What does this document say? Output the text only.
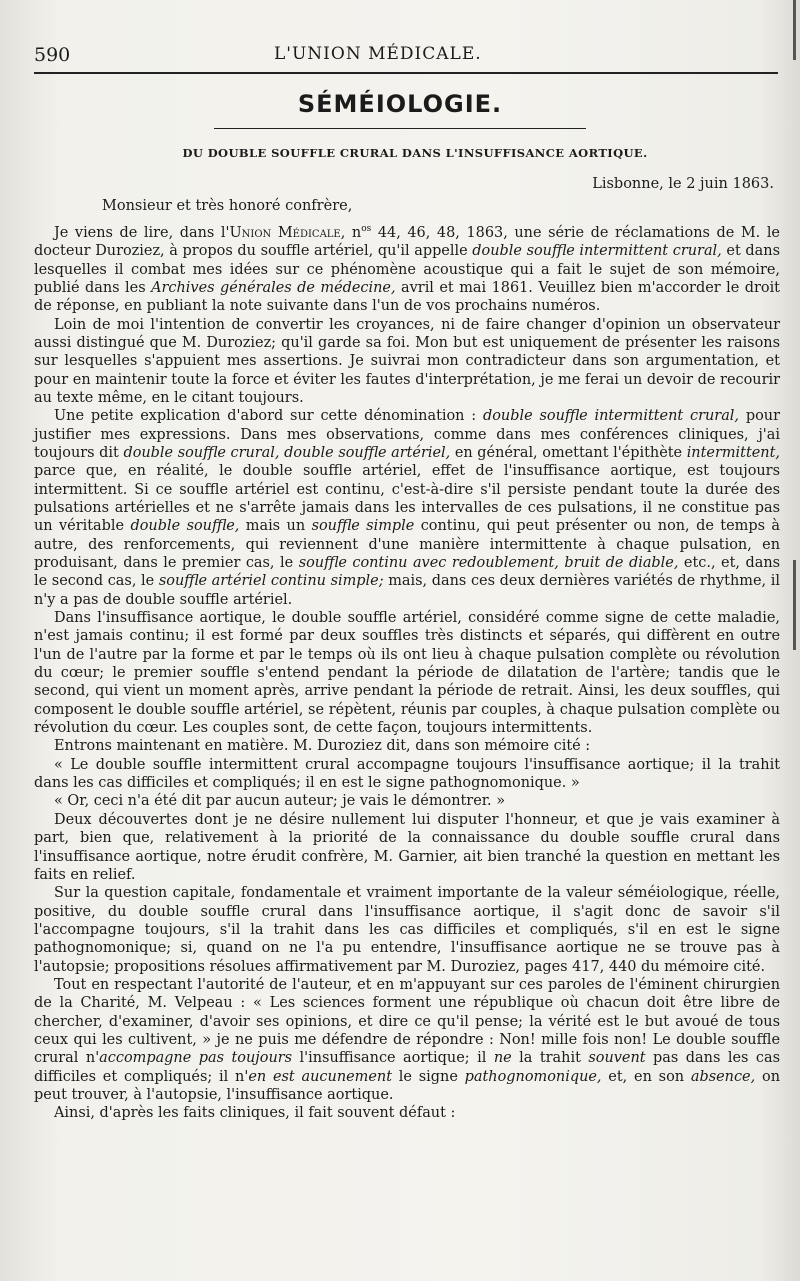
590	L'UNION MÉDICALE.
SÉMÉIOLOGIE.
DU DOUBLE SOUFFLE CRURAL DANS L'INSUFFISANCE AORTIQUE.
Lisbonne, le 2 juin 1863.
Monsieur et très honoré confrère,

Je viens de lire, dans l'Union Médicale, $n^{os}$ 44, 46, 48, 1863, une série de réclamations de M. le docteur Duroziez, à propos du souffle artériel, qu'il appelle double souffle intermittent crural, et dans lesquelles il combat mes idées sur ce phénomène acoustique qui a fait le sujet de son mémoire, publié dans les Archives générales de médecine, avril et mai 1861. Veuillez bien m'accorder le droit de réponse, en publiant la note suivante dans l'un de vos prochains numéros.

Loin de moi l'intention de convertir les croyances, ni de faire changer d'opinion un observateur aussi distingué que M. Duroziez; qu'il garde sa foi. Mon but est uniquement de présenter les raisons sur lesquelles s'appuient mes assertions. Je suivrai mon contradicteur dans son argumentation, et pour en maintenir toute la force et éviter les fautes d'interprétation, je me ferai un devoir de recourir au texte même, en le citant toujours.

Une petite explication d'abord sur cette dénomination : double souffle intermittent crural, pour justifier mes expressions. Dans mes observations, comme dans mes conférences cliniques, j'ai toujours dit double souffle crural, double souffle artériel, en général, omettant l'épithète intermittent, parce que, en réalité, le double souffle artériel, effet de l'insuffisance aortique, est toujours intermittent. Si ce souffle artériel est continu, c'est-à-dire s'il persiste pendant toute la durée des pulsations artérielles et ne s'arrête jamais dans les intervalles de ces pulsations, il ne constitue pas un véritable double souffle, mais un souffle simple continu, qui peut présenter ou non, de temps à autre, des renforcements, qui reviennent d'une manière intermittente à chaque pulsation, en produisant, dans le premier cas, le souffle continu avec redoublement, bruit de diable, etc., et, dans le second cas, le souffle artériel continu simple; mais, dans ces deux dernières variétés de rhythme, il n'y a pas de double souffle artériel.

Dans l'insuffisance aortique, le double souffle artériel, considéré comme signe de cette maladie, n'est jamais continu; il est formé par deux souffles très distincts et séparés, qui diffèrent en outre l'un de l'autre par la forme et par le temps où ils ont lieu à chaque pulsation complète ou révolution du cœur; le premier souffle s'entend pendant la période de dilatation de l'artère; tandis que le second, qui vient un moment après, arrive pendant la période de retrait. Ainsi, les deux souffles, qui composent le double souffle artériel, se répètent, réunis par couples, à chaque pulsation complète ou révolution du cœur. Les couples sont, de cette façon, toujours intermittents.

Entrons maintenant en matière. M. Duroziez dit, dans son mémoire cité :

« Le double souffle intermittent crural accompagne toujours l'insuffisance aortique; il la trahit dans les cas difficiles et compliqués; il en est le signe pathognomonique. »

« Or, ceci n'a été dit par aucun auteur; je vais le démontrer. »

Deux découvertes dont je ne désire nullement lui disputer l'honneur, et que je vais examiner à part, bien que, relativement à la priorité de la connaissance du double souffle crural dans l'insuffisance aortique, notre érudit confrère, M. Garnier, ait bien tranché la question en mettant les faits en relief.

Sur la question capitale, fondamentale et vraiment importante de la valeur séméiologique, réelle, positive, du double souffle crural dans l'insuffisance aortique, il s'agit donc de savoir s'il l'accompagne toujours, s'il la trahit dans les cas difficiles et compliqués, s'il en est le signe pathognomonique; si, quand on ne l'a pu entendre, l'insuffisance aortique ne se trouve pas à l'autopsie; propositions résolues affirmativement par M. Duroziez, pages 417, 440 du mémoire cité.

Tout en respectant l'autorité de l'auteur, et en m'appuyant sur ces paroles de l'éminent chirurgien de la Charité, M. Velpeau : « Les sciences forment une république où chacun doit être libre de chercher, d'examiner, d'avoir ses opinions, et dire ce qu'il pense; la vérité est le but avoué de tous ceux qui les cultivent, » je ne puis me défendre de répondre : Non! mille fois non! Le double souffle crural n'accompagne pas toujours l'insuffisance aortique; il ne la trahit souvent pas dans les cas difficiles et compliqués; il n'en est aucunement le signe pathognomonique, et, en son absence, on peut trouver, à l'autopsie, l'insuffisance aortique.

Ainsi, d'après les faits cliniques, il fait souvent défaut :
